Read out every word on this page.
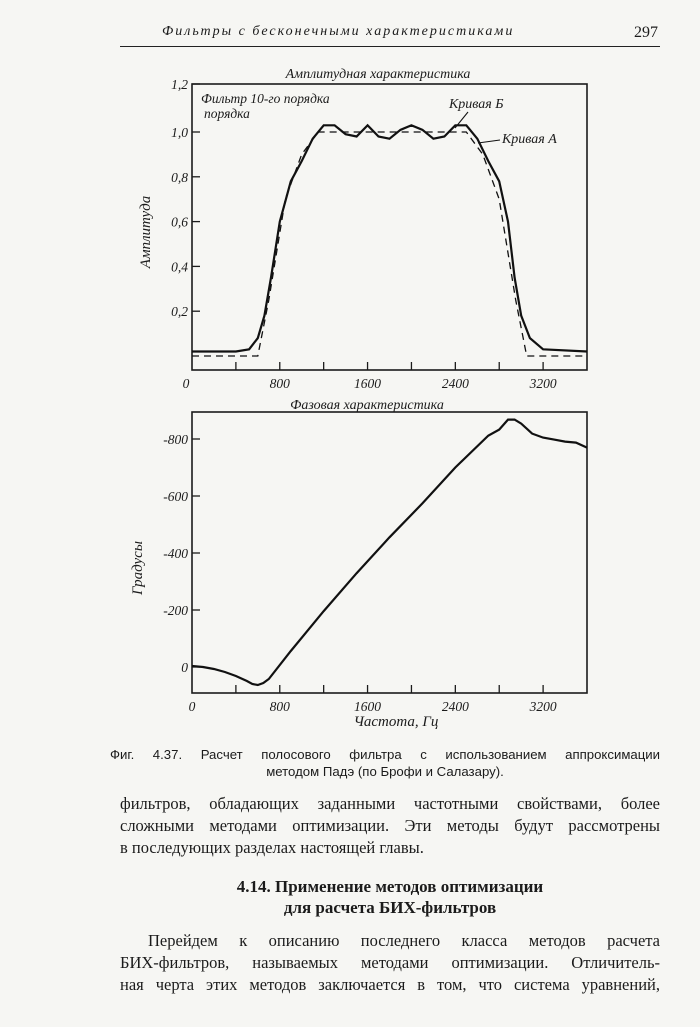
Фильтры с бесконечными характеристиками	297
Амплитудная характеристика
0,2
0,4
0,6
0,8
1,0
1,2
0	800	1600	2400	3200
Амплитуда
Фильтр 10-го порядка
порядка
Кривая Б
Кривая А
Фазовая характеристика
0
-200
-400
-600
-800
0	800	1600	2400	3200
Градусы
Частота, Гц
Фиг. 4.37. Расчет полосового фильтра с использованием аппроксимации
методом Падэ (по Брофи и Салазару).
фильтров, обладающих заданными частотными свойствами, более
сложными методами оптимизации. Эти методы будут рассмотрены
в последующих разделах настоящей главы.
4.14. Применение методов оптимизации
для расчета БИХ-фильтров
Перейдем к описанию последнего класса методов расчета
БИХ-фильтров, называемых методами оптимизации. Отличитель-
ная черта этих методов заключается в том, что система уравнений,
